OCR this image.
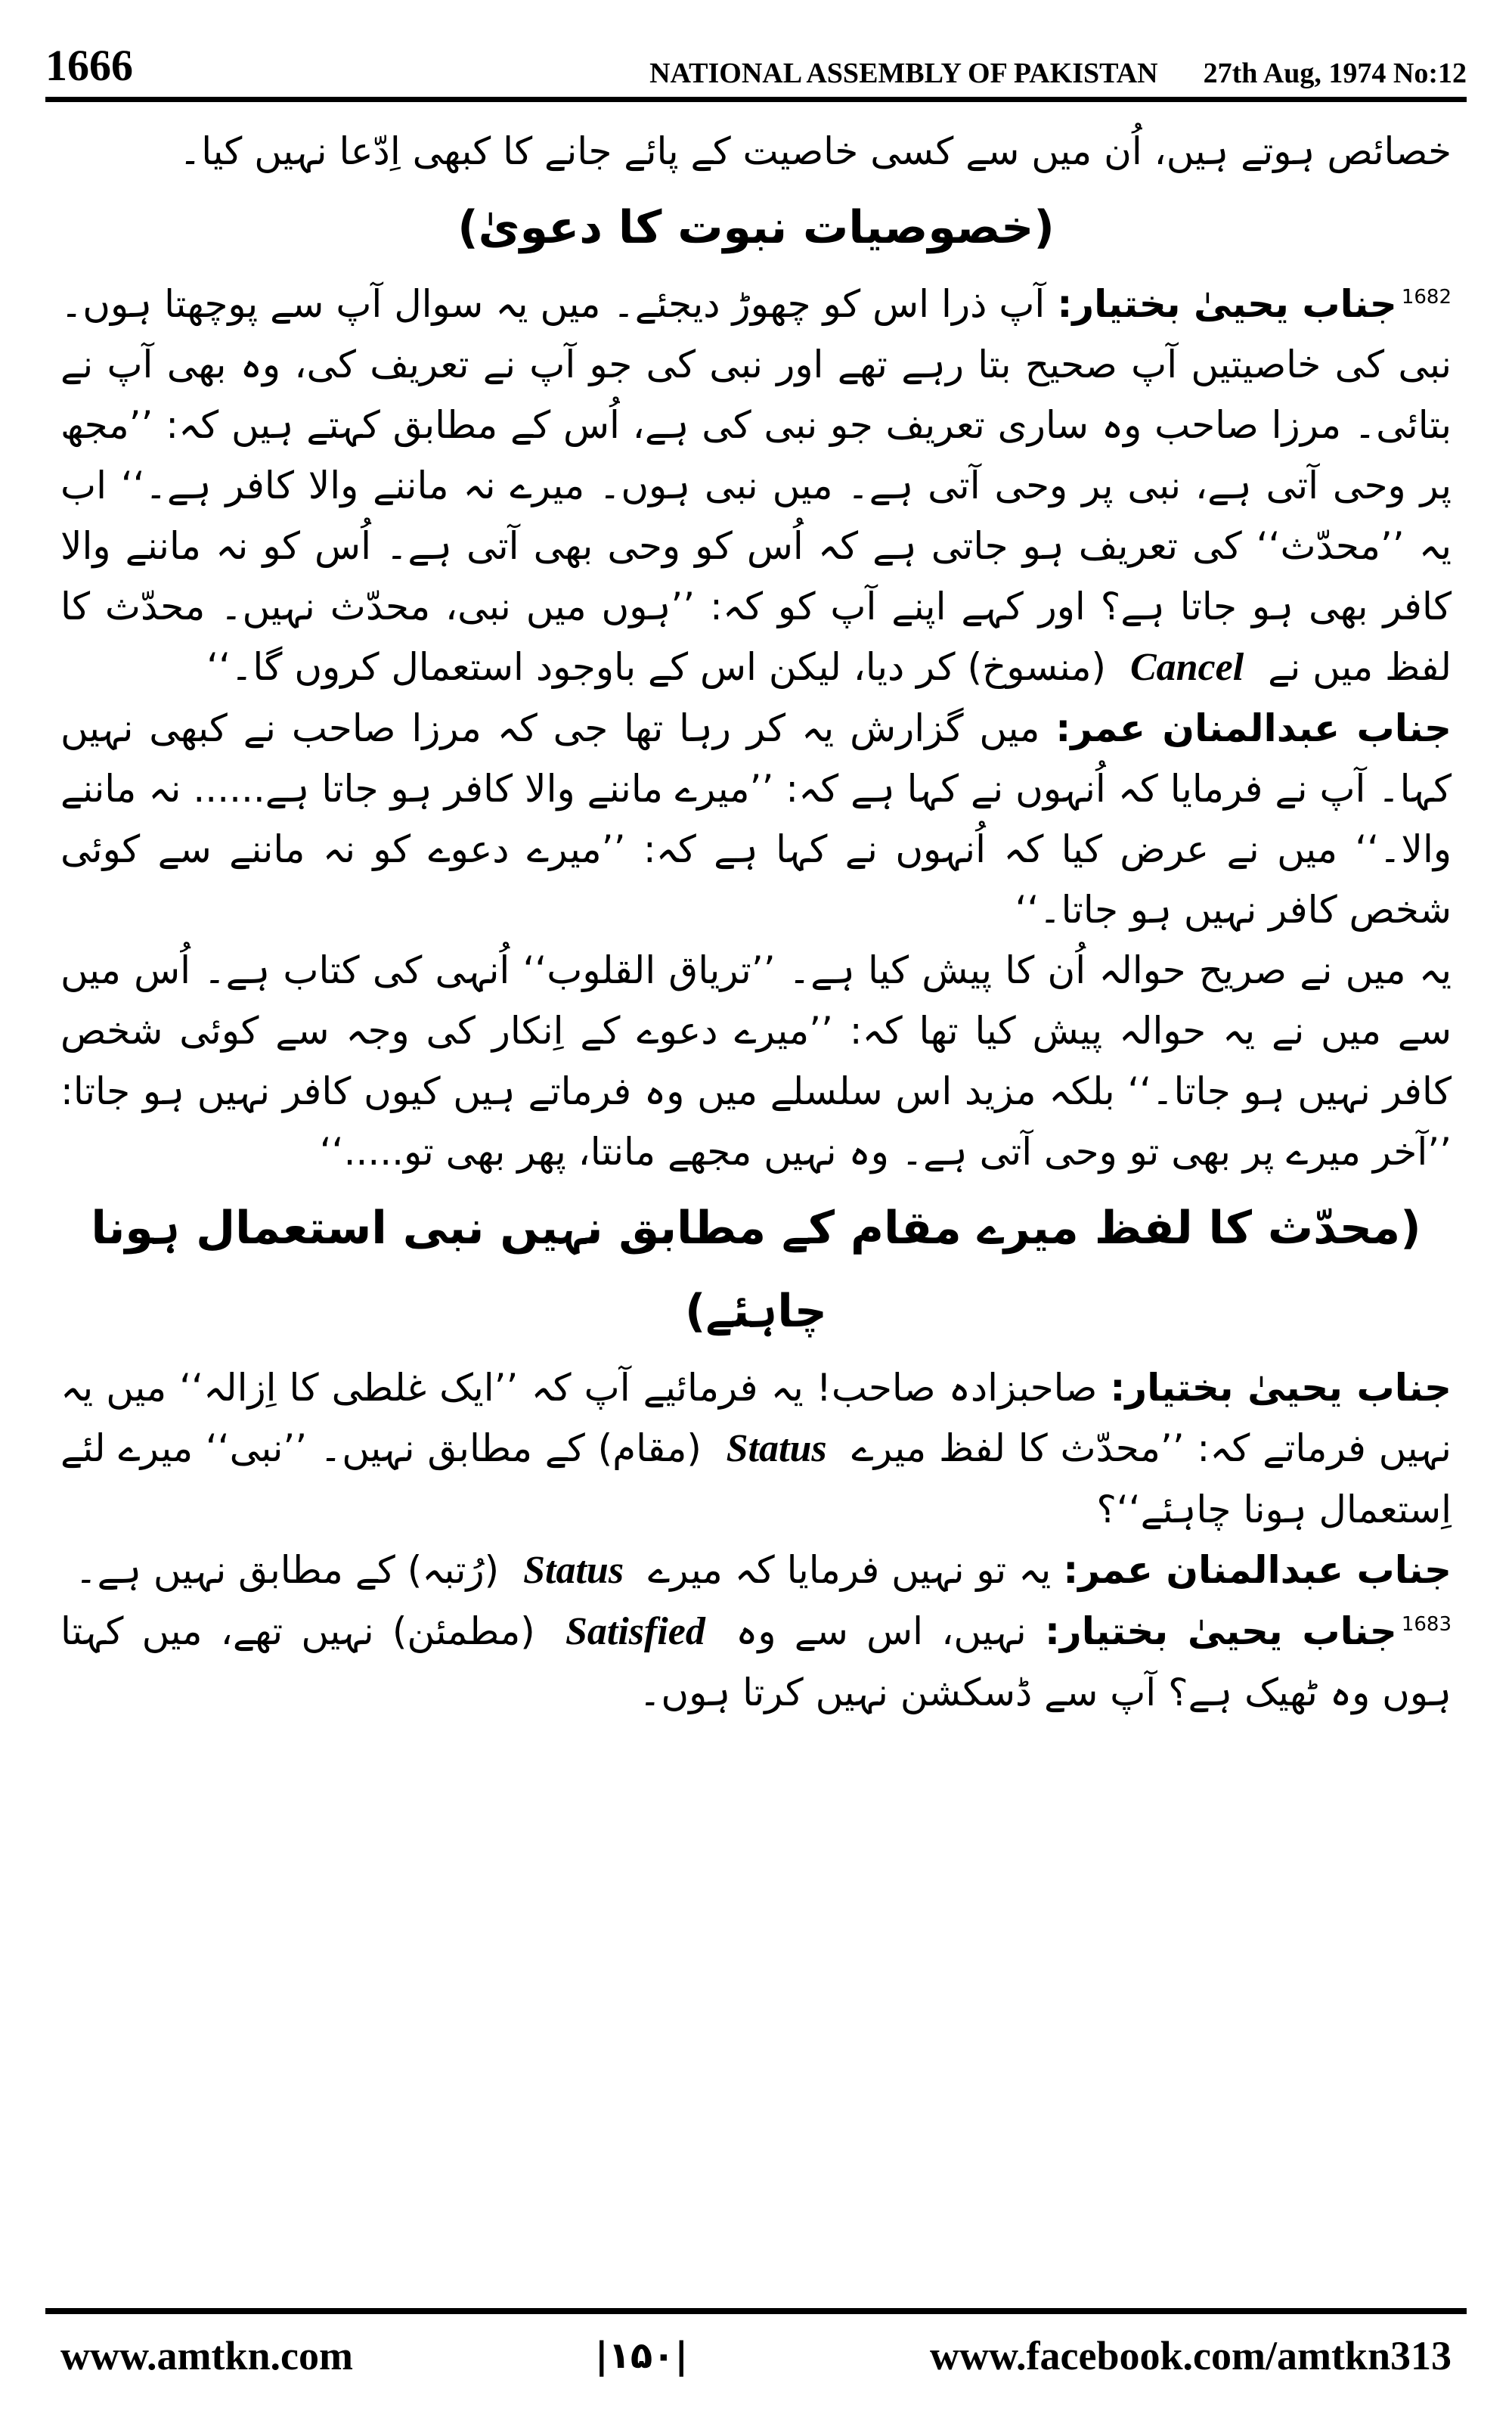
1666	NATIONAL ASSEMBLY OF PAKISTAN 27th Aug, 1974 No:12

خصائص ہوتے ہیں، اُن میں سے کسی خاصیت کے پائے جانے کا کبھی اِدّعا نہیں کیا۔

(خصوصیات نبوت کا دعویٰ)

$^{1682}$جناب یحییٰ بختیار: آپ ذرا اس کو چھوڑ دیجئے۔ میں یہ سوال آپ سے پوچھتا ہوں۔ نبی کی خاصیتیں آپ صحیح بتا رہے تھے اور نبی کی جو آپ نے تعریف کی، وہ بھی آپ نے بتائی۔ مرزا صاحب وہ ساری تعریف جو نبی کی ہے، اُس کے مطابق کہتے ہیں کہ: ’’مجھ پر وحی آتی ہے، نبی پر وحی آتی ہے۔ میں نبی ہوں۔ میرے نہ ماننے والا کافر ہے۔‘‘ اب یہ ’’محدّث‘‘ کی تعریف ہو جاتی ہے کہ اُس کو وحی بھی آتی ہے۔ اُس کو نہ ماننے والا کافر بھی ہو جاتا ہے؟ اور کہے اپنے آپ کو کہ: ’’ہوں میں نبی، محدّث نہیں۔ محدّث کا لفظ میں نے Cancel (منسوخ) کر دیا، لیکن اس کے باوجود استعمال کروں گا۔‘‘

جناب عبدالمنان عمر: میں گزارش یہ کر رہا تھا جی کہ مرزا صاحب نے کبھی نہیں کہا۔ آپ نے فرمایا کہ اُنہوں نے کہا ہے کہ: ’’میرے ماننے والا کافر ہو جاتا ہے...... نہ ماننے والا۔‘‘ میں نے عرض کیا کہ اُنہوں نے کہا ہے کہ: ’’میرے دعوے کو نہ ماننے سے کوئی شخص کافر نہیں ہو جاتا۔‘‘

یہ میں نے صریح حوالہ اُن کا پیش کیا ہے۔ ’’تریاق القلوب‘‘ اُنہی کی کتاب ہے۔ اُس میں سے میں نے یہ حوالہ پیش کیا تھا کہ: ’’میرے دعوے کے اِنکار کی وجہ سے کوئی شخص کافر نہیں ہو جاتا۔‘‘ بلکہ مزید اس سلسلے میں وہ فرماتے ہیں کیوں کافر نہیں ہو جاتا: ’’آخر میرے پر بھی تو وحی آتی ہے۔ وہ نہیں مجھے مانتا، پھر بھی تو.....‘‘

(محدّث کا لفظ میرے مقام کے مطابق نہیں نبی استعمال ہونا چاہئے)

جناب یحییٰ بختیار: صاحبزادہ صاحب! یہ فرمائیے آپ کہ ’’ایک غلطی کا اِزالہ‘‘ میں یہ نہیں فرماتے کہ: ’’محدّث کا لفظ میرے Status (مقام) کے مطابق نہیں۔ ’’نبی‘‘ میرے لئے اِستعمال ہونا چاہئے‘‘؟

جناب عبدالمنان عمر: یہ تو نہیں فرمایا کہ میرے Status (رُتبہ) کے مطابق نہیں ہے۔

$^{1683}$جناب یحییٰ بختیار: نہیں، اس سے وہ Satisfied (مطمئن) نہیں تھے، میں کہتا ہوں وہ ٹھیک ہے؟ آپ سے ڈسکشن نہیں کرتا ہوں۔

www.amtkn.com	|۱۵۰|	www.facebook.com/amtkn313
